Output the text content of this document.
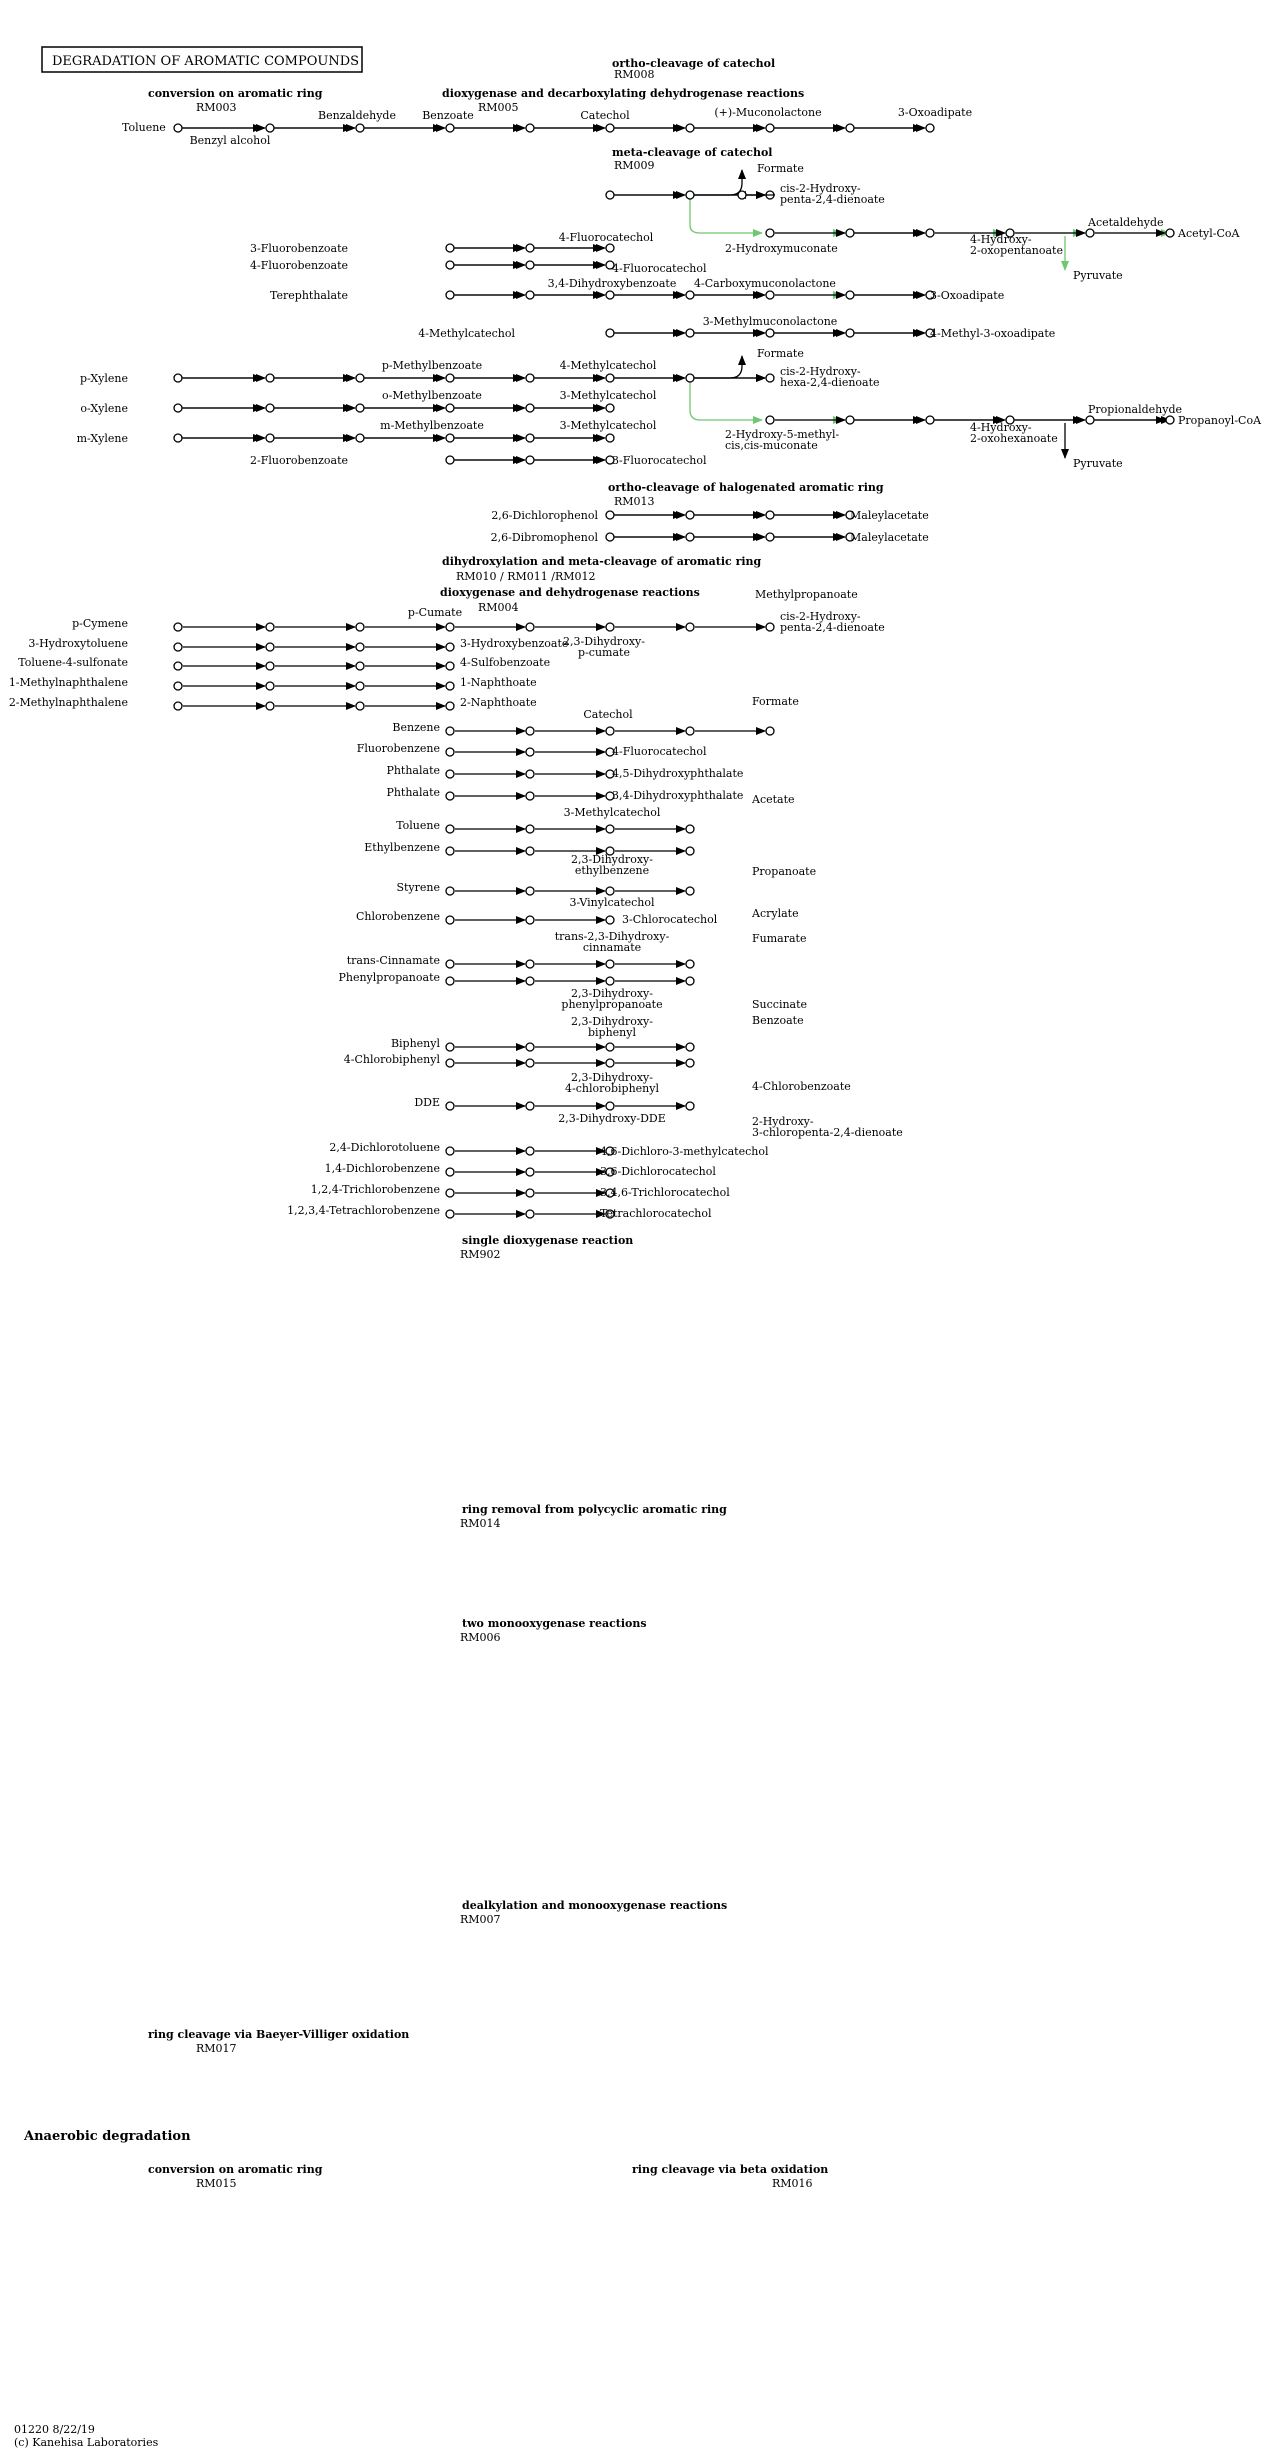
DEGRADATION OF AROMATIC COMPOUNDS
01220 8/22/19
(c) Kanehisa Laboratories
conversion on aromatic ring
ortho-cleavage of catechol
dioxygenase and decarboxylating dehydrogenase reactions
meta-cleavage of catechol
ortho-cleavage of halogenated aromatic ring
dihydroxylation and meta-cleavage of aromatic ring
dioxygenase and dehydrogenase reactions
single dioxygenase reaction
ring removal from polycyclic aromatic ring
two monooxygenase reactions
dealkylation and monooxygenase reactions
ring cleavage via Baeyer-Villiger oxidation
Anaerobic degradation
conversion on aromatic ring	ring cleavage via beta oxidation
RM003	RM005
RM008
RM009
RM013
RM010 / RM011 /RM012
RM004
RM902
RM014
RM006
RM007
RM017
RM015	RM016
Toluene
Benzyl alcohol
Benzaldehyde Benzoate	Catechol	(+)-Muconolactone	3-Oxoadipate
Formate
cis-2-Hydroxy-
penta-2,4-dienoate
2-Hydroxymuconate
4-Hydroxy-
2-oxopentanoate
Acetaldehyde
Acetyl-CoA
Pyruvate
3-Fluorobenzoate
4-Fluorobenzoate
4-Fluorocatechol
4-Fluorocatechol
Terephthalate
3,4-Dihydroxybenzoate 4-Carboxymuconolactone
3-Oxoadipate
4-Methylcatechol
3-Methylmuconolactone
4-Methyl-3-oxoadipate
p-Xylene
p-Methylbenzoate	4-Methylcatechol
o-Xylene
o-Methylbenzoate	3-Methylcatechol
m-Xylene
m-Methylbenzoate	3-Methylcatechol
Formate
cis-2-Hydroxy-
hexa-2,4-dienoate
2-Hydroxy-5-methyl-
cis,cis-muconate
4-Hydroxy-
2-oxohexanoate
Propionaldehyde
Propanoyl-CoA
Pyruvate
2-Fluorobenzoate	3-Fluorocatechol
2,6-Dichlorophenol	Maleylacetate
2,6-Dibromophenol	Maleylacetate
p-Cymene
p-Cumate
2,3-Dihydroxy-
p-cumate
Methylpropanoate
cis-2-Hydroxy-
penta-2,4-dienoate
3-Hydroxytoluene	3-Hydroxybenzoate
Toluene-4-sulfonate	4-Sulfobenzoate
1-Methylnaphthalene	1-Naphthoate
2-Methylnaphthalene	2-Naphthoate
Benzene
Catechol
Formate
Fluorobenzene	4-Fluorocatechol
Phthalate	4,5-Dihydroxyphthalate
Phthalate	3,4-Dihydroxyphthalate
Toluene
3-Methylcatechol
Acetate
Ethylbenzene
2,3-Dihydroxy-
ethylbenzene	Propanoate
Styrene
3-Vinylcatechol
Acrylate
Chlorobenzene	3-Chlorocatechol
trans-Cinnamate
trans-2,3-Dihydroxy-
cinnamate
Fumarate
Phenylpropanoate
2,3-Dihydroxy-
phenylpropanoate	Succinate
Biphenyl
2,3-Dihydroxy-
biphenyl
Benzoate
4-Chlorobiphenyl
2,3-Dihydroxy-
4-chlorobiphenyl	4-Chlorobenzoate
DDE
2,3-Dihydroxy-DDE	2-Hydroxy-
3-chloropenta-2,4-dienoate
2,4-Dichlorotoluene	4,6-Dichloro-3-methylcatechol
1,4-Dichlorobenzene	3,6-Dichlorocatechol
1,2,4-Trichlorobenzene	3,4,6-Trichlorocatechol
1,2,3,4-Tetrachlorobenzene	Tetrachlorocatechol
